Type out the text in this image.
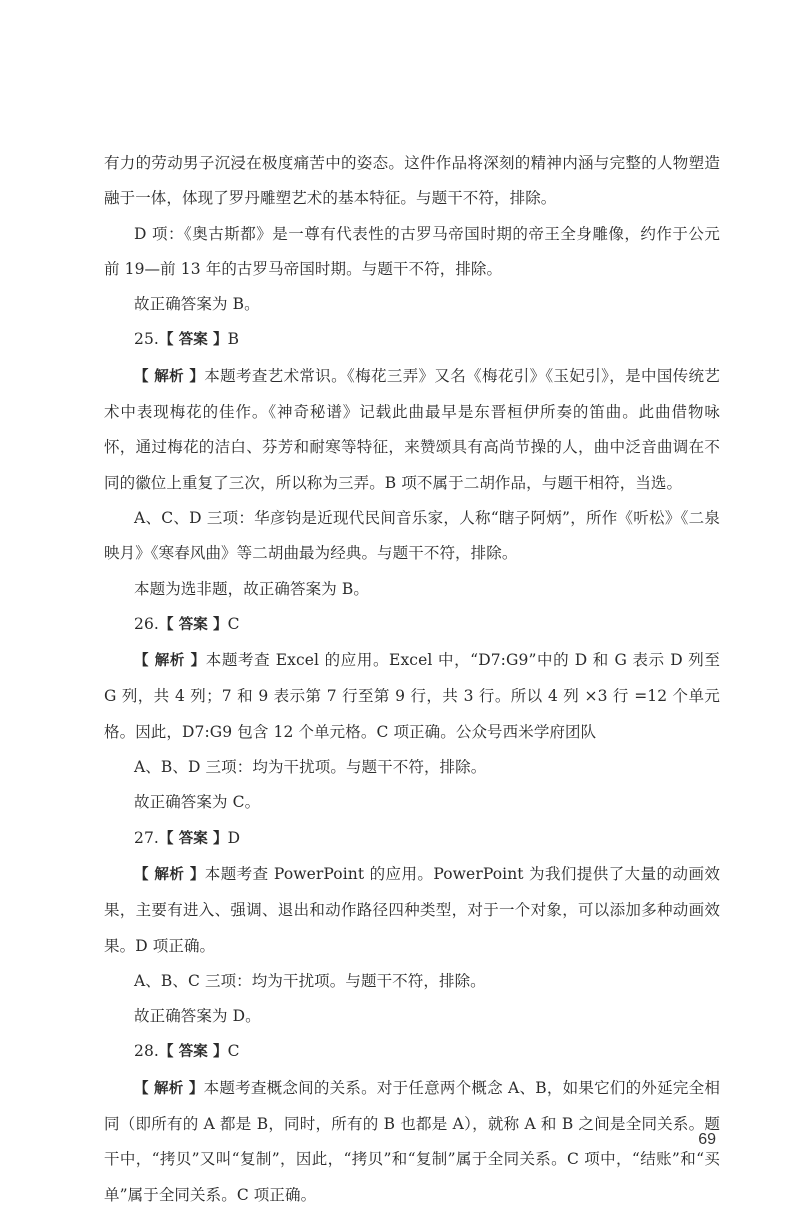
有力的劳动男子沉浸在极度痛苦中的姿态。这件作品将深刻的精神内涵与完整的人物塑造融于一体，体现了罗丹雕塑艺术的基本特征。与题干不符，排除。

D 项：《奥古斯都》是一尊有代表性的古罗马帝国时期的帝王全身雕像，约作于公元前 19—前 13 年的古罗马帝国时期。与题干不符，排除。

故正确答案为 B。

25.【 答案 】B

【 解析 】本题考查艺术常识。《梅花三弄》又名《梅花引》《玉妃引》，是中国传统艺术中表现梅花的佳作。《神奇秘谱》记载此曲最早是东晋桓伊所奏的笛曲。此曲借物咏怀，通过梅花的洁白、芬芳和耐寒等特征，来赞颂具有高尚节操的人，曲中泛音曲调在不同的徽位上重复了三次，所以称为三弄。B 项不属于二胡作品，与题干相符，当选。

A、C、D 三项：华彦钧是近现代民间音乐家，人称“瞎子阿炳”，所作《听松》《二泉映月》《寒春风曲》等二胡曲最为经典。与题干不符，排除。

本题为选非题，故正确答案为 B。

26.【 答案 】C

【 解析 】本题考查 Excel 的应用。Excel 中，“D7:G9”中的 D 和 G 表示 D 列至 G 列，共 4 列；7 和 9 表示第 7 行至第 9 行，共 3 行。所以 4 列 ×3 行 =12 个单元格。因此，D7:G9 包含 12 个单元格。C 项正确。公众号西米学府团队

A、B、D 三项：均为干扰项。与题干不符，排除。

故正确答案为 C。

27.【 答案 】D

【 解析 】本题考查 PowerPoint 的应用。PowerPoint 为我们提供了大量的动画效果，主要有进入、强调、退出和动作路径四种类型，对于一个对象，可以添加多种动画效果。D 项正确。

A、B、C 三项：均为干扰项。与题干不符，排除。

故正确答案为 D。

28.【 答案 】C

【 解析 】本题考查概念间的关系。对于任意两个概念 A、B，如果它们的外延完全相同（即所有的 A 都是 B，同时，所有的 B 也都是 A），就称 A 和 B 之间是全同关系。题干中，“拷贝”又叫“复制”，因此，“拷贝”和“复制”属于全同关系。C 项中，“结账”和“买单”属于全同关系。C 项正确。

69
